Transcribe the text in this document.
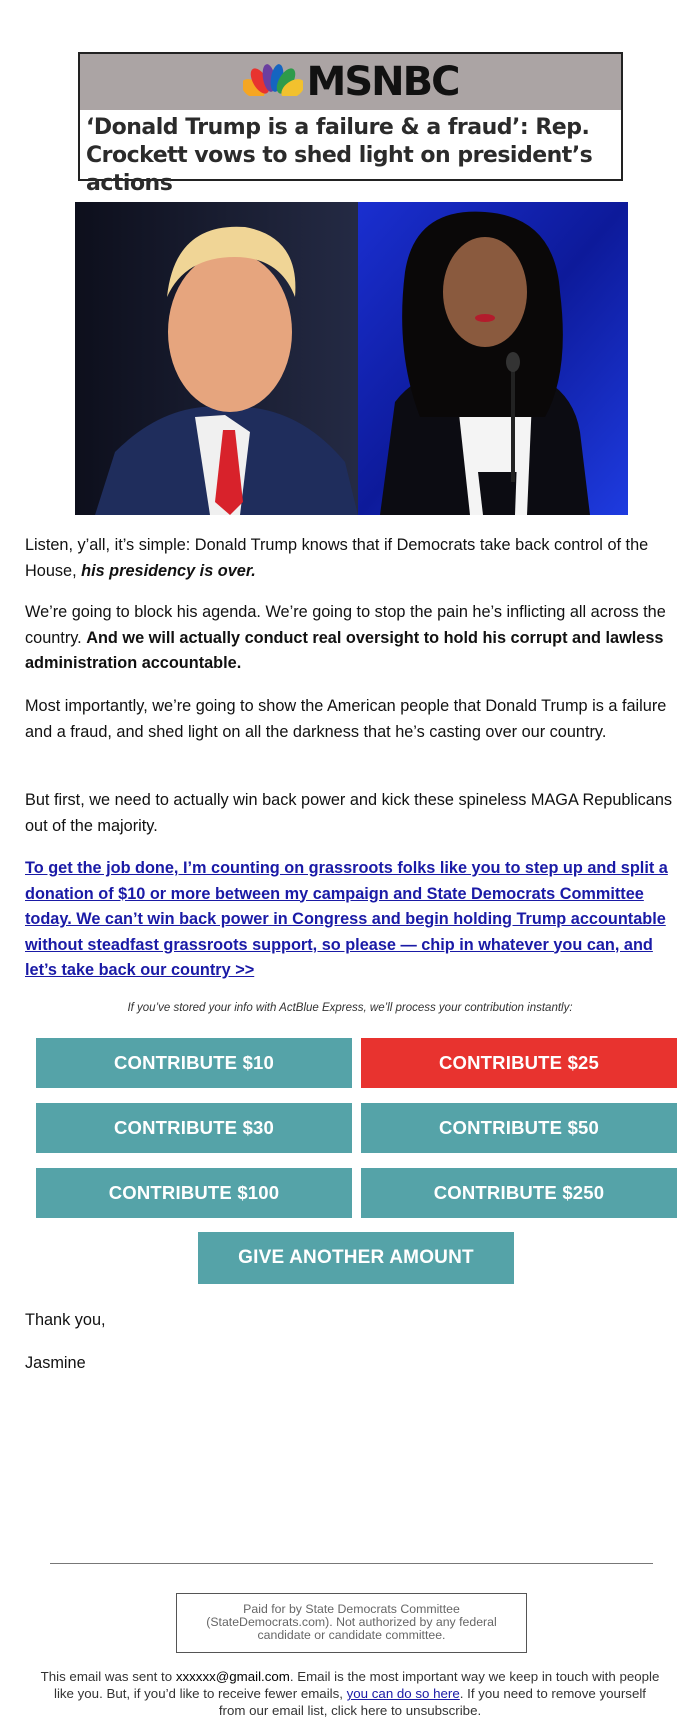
MSNBC
‘Donald Trump is a failure & a fraud’: Rep. Crockett vows to shed light on president’s actions

Listen, y’all, it’s simple: Donald Trump knows that if Democrats take back control of the House, his presidency is over.

We’re going to block his agenda. We’re going to stop the pain he’s inflicting all across the country. And we will actually conduct real oversight to hold his corrupt and lawless administration accountable.

Most importantly, we’re going to show the American people that Donald Trump is a failure and a fraud, and shed light on all the darkness that he’s casting over our country.

But first, we need to actually win back power and kick these spineless MAGA Republicans out of the majority.

To get the job done, I’m counting on grassroots folks like you to step up and split a donation of $10 or more between my campaign and State Democrats Committee today. We can’t win back power in Congress and begin holding Trump accountable without steadfast grassroots support, so please — chip in whatever you can, and let’s take back our country >>

If you’ve stored your info with ActBlue Express, we’ll process your contribution instantly:
CONTRIBUTE $10	CONTRIBUTE $25
CONTRIBUTE $30	CONTRIBUTE $50
CONTRIBUTE $100	CONTRIBUTE $250
GIVE ANOTHER AMOUNT
Thank you,
Jasmine
Paid for by State Democrats Committee (StateDemocrats.com). Not authorized by any federal candidate or candidate committee.
This email was sent to xxxxxx@gmail.com. Email is the most important way we keep in touch with people like you. But, if you’d like to receive fewer emails, you can do so here. If you need to remove yourself from our email list, click here to unsubscribe.
